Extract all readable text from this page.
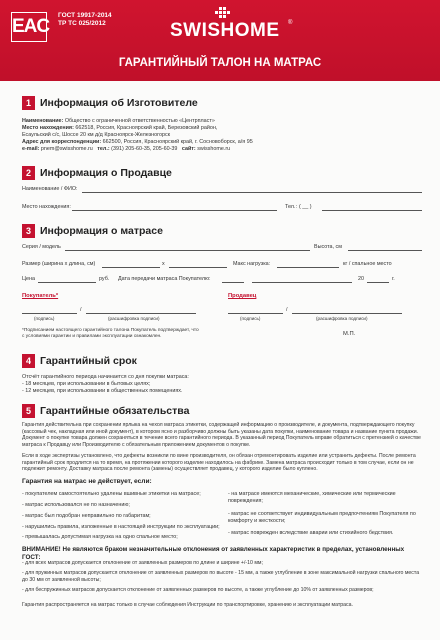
EAC
ГОСТ 19917-2014
ТР ТС 025/2012	SWISHOME ®
ГАРАНТИЙНЫЙ ТАЛОН НА МАТРАС
1 Информация об Изготовителе
Наименование: Общество с ограниченной ответственностью «Центрпласт»
Место нахождения: 662518, Россия, Красноярский край, Березовский район,
Есаульский с/с, Шоссе 20 км д/д Красноярск-Железногорск
Адрес для корреспонденции: 662500, Россия, Красноярский край, г. Сосновоборск, а/я 95
e-mail: pnem@swisshome.ru тел.: (391) 205-60-35, 205-60-39 сайт: swisshome.ru
2 Информация о Продавце
Наименование / ФИО:
Место нахождения:	Тел.: ( __ )
3 Информация о матрасе
Серия / модель	Высота, см
Размер (ширина х длина, см)	х	Макс нагрузка:	кг / спальное место
Цена	руб. Дата передачи матраса Покупателю:	20	г.
Покупатель*	Продавец
/
(подпись)	(расшифровка подписи)
/
(подпись)	(расшифровка подписи)
*Подписанием настоящего гарантийного талона Покупатель подтверждает, что
с условиями гарантии и правилами эксплуатации ознакомлен.	М.П.
4 Гарантийный срок
Отсчёт гарантийного периода начинается со дня покупки матраса:
- 18 месяцев, при использовании в бытовых целях;
- 12 месяцев, при использовании в общественных помещениях.
5 Гарантийные обязательства
Гарантия действительна при сохранении ярлыка на чехол матраса этикетки, содержащей информацию о производителе, и документа, подтверждающего покупку (кассовый чек, накладная или иной документ), в котором ясно и разборчиво должны быть указаны дата покупки, наименование товара и название пункта продажи. Документ о покупке товара должен сохраняться в течение всего гарантийного периода. В указанный период Покупатель вправе обратиться с претензией о качестве матраса к Продавцу или Производителю с обязательным приложением документов о покупке.
Если в ходе экспертизы установлено, что дефекты возникли по вине производителя, он обязан отремонтировать изделие или устранить дефекты. После ремонта гарантийный срок продлится на то время, на протяжении которого изделие находилось на фабрике. Замена матраса происходит только в том случае, если он не подлежит ремонту. Доставку матраса после ремонта (замены) осуществляет продавец, у которого изделие было куплено.
Гарантия на матрас не действует, если:
- покупателем самостоятельно удалены вшивные этикетки на матрасе;
- матрас использовался не по назначению;
- матрас был подобран неправильно по габаритам;
- нарушились правила, изложенные в настоящей инструкции по эксплуатации;
- превышалась допустимая нагрузка на одно спальное место;
- на матрасе имеются механические, химические или термические
повреждения;
- матрас не соответствует индивидуальным предпочтениям Покупателя по
комфорту и жесткости;
- матрас поврежден вследствие аварии или стихийного бедствия.
ВНИМАНИЕ! Не являются браком незначительные отклонения от заявленных характеристик в пределах, установленных ГОСТ:
- для всех матрасов допускается отклонение от заявленных размеров по длине и ширине +/-10 мм;
- для пружинных матрасов допускается отклонение от заявленных размеров по высоте - 15 мм, а также углубление в зоне максимальной нагрузки спального места до 30 мм от заявленной высоты;
- для беспружинных матрасов допускается отклонение от заявленных размеров по высоте, а также углубление до 10% от заявленных размеров;
Гарантия распространяется на матрас только в случае соблюдения Инструкции по транспортировке, хранению и эксплуатации матраса.
